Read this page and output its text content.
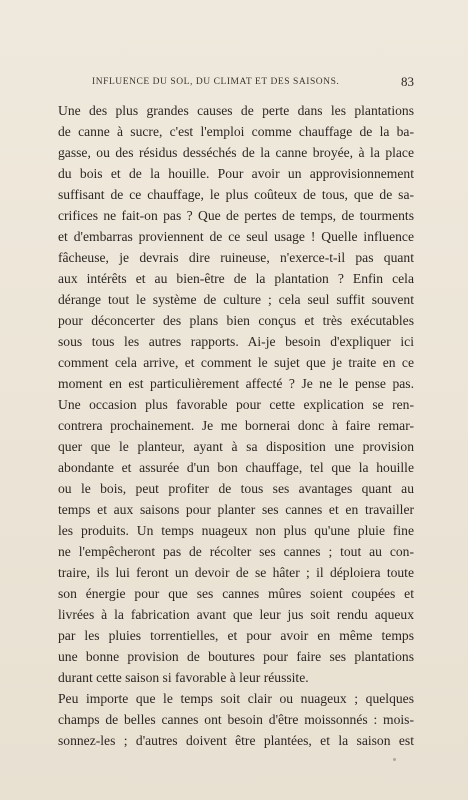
INFLUENCE DU SOL, DU CLIMAT ET DES SAISONS.	83
Une des plus grandes causes de perte dans les plantations
de canne à sucre, c'est l'emploi comme chauffage de la ba-
gasse, ou des résidus desséchés de la canne broyée, à la place
du bois et de la houille. Pour avoir un approvisionnement
suffisant de ce chauffage, le plus coûteux de tous, que de sa-
crifices ne fait-on pas ? Que de pertes de temps, de tourments
et d'embarras proviennent de ce seul usage ! Quelle influence
fâcheuse, je devrais dire ruineuse, n'exerce-t-il pas quant
aux intérêts et au bien-être de la plantation ? Enfin cela
dérange tout le système de culture ; cela seul suffit souvent
pour déconcerter des plans bien conçus et très exécutables
sous tous les autres rapports. Ai-je besoin d'expliquer ici
comment cela arrive, et comment le sujet que je traite en ce
moment en est particulièrement affecté ? Je ne le pense pas.
Une occasion plus favorable pour cette explication se ren-
contrera prochainement. Je me bornerai donc à faire remar-
quer que le planteur, ayant à sa disposition une provision
abondante et assurée d'un bon chauffage, tel que la houille
ou le bois, peut profiter de tous ses avantages quant au
temps et aux saisons pour planter ses cannes et en travailler
les produits. Un temps nuageux non plus qu'une pluie fine
ne l'empêcheront pas de récolter ses cannes ; tout au con-
traire, ils lui feront un devoir de se hâter ; il déploiera toute
son énergie pour que ses cannes mûres soient coupées et
livrées à la fabrication avant que leur jus soit rendu aqueux
par les pluies torrentielles, et pour avoir en même temps
une bonne provision de boutures pour faire ses plantations
durant cette saison si favorable à leur réussite.
Peu importe que le temps soit clair ou nuageux ; quelques
champs de belles cannes ont besoin d'être moissonnés : mois-
sonnez-les ; d'autres doivent être plantées, et la saison est
